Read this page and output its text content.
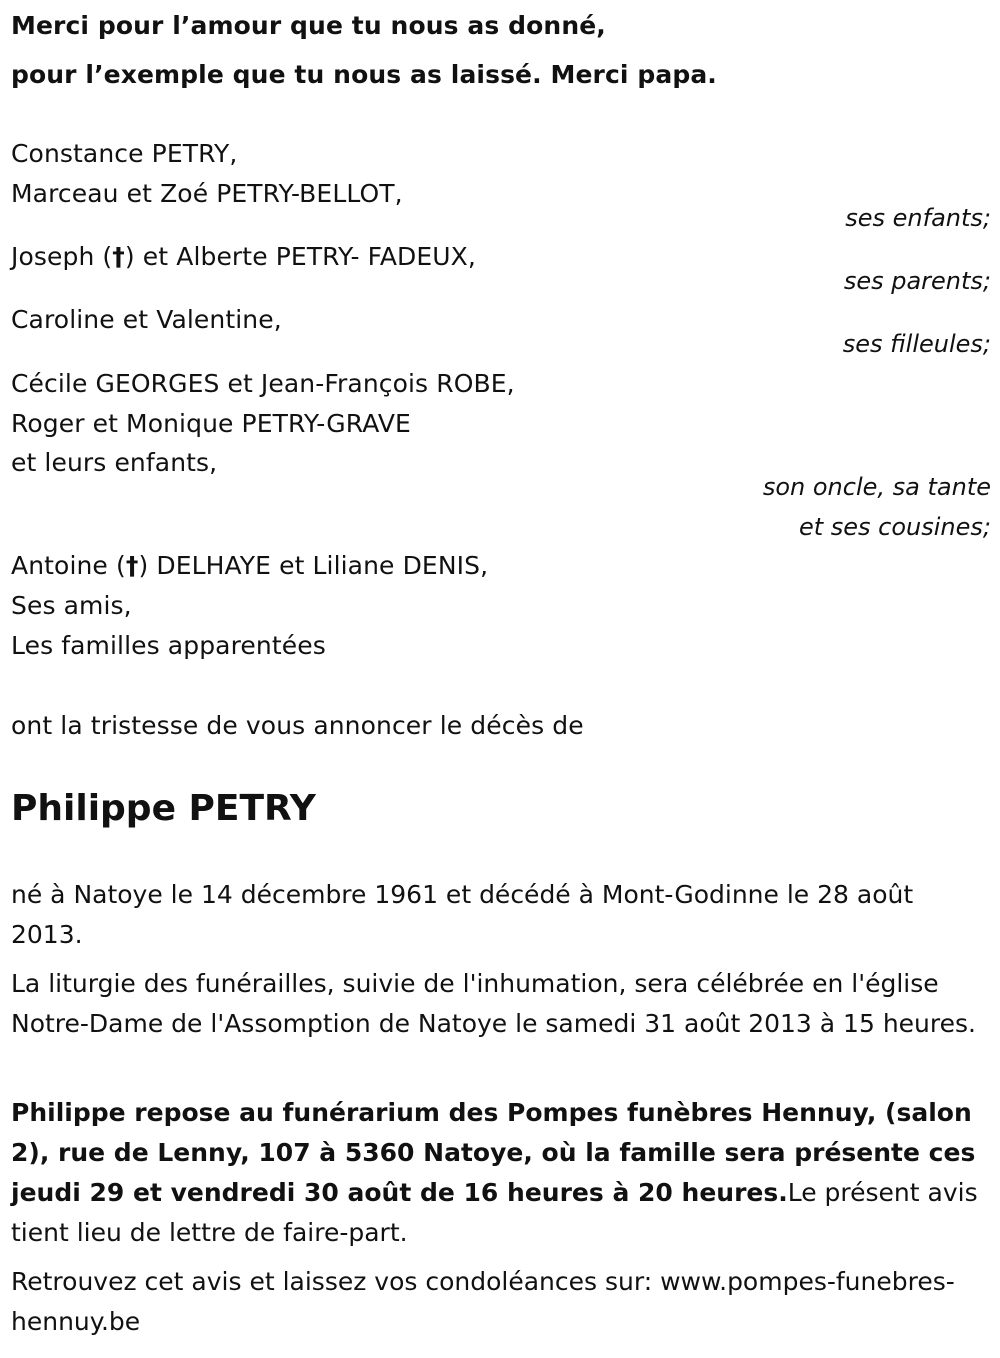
Merci pour l’amour que tu nous as donné,
pour l’exemple que tu nous as laissé. Merci papa.
Constance PETRY,
Marceau et Zoé PETRY-BELLOT,
ses enfants;
Joseph (†) et Alberte PETRY- FADEUX,
ses parents;
Caroline et Valentine,
ses filleules;
Cécile GEORGES et Jean-François ROBE,
Roger et Monique PETRY-GRAVE
et leurs enfants,
son oncle, sa tante
et ses cousines;
Antoine (†) DELHAYE et Liliane DENIS,
Ses amis,
Les familles apparentées
ont la tristesse de vous annoncer le décès de
Philippe PETRY
né à Natoye le 14 décembre 1961 et décédé à Mont-Godinne le 28 août 2013.
La liturgie des funérailles, suivie de l'inhumation, sera célébrée en l'église Notre-Dame de l'Assomption de Natoye le samedi 31 août 2013 à 15 heures.
Philippe repose au funérarium des Pompes funèbres Hennuy, (salon 2), rue de Lenny, 107 à 5360 Natoye, où la famille sera présente ces jeudi 29 et vendredi 30 août de 16 heures à 20 heures.Le présent avis tient lieu de lettre de faire-part.
Retrouvez cet avis et laissez vos condoléances sur: www.pompes-funebres-hennuy.be
